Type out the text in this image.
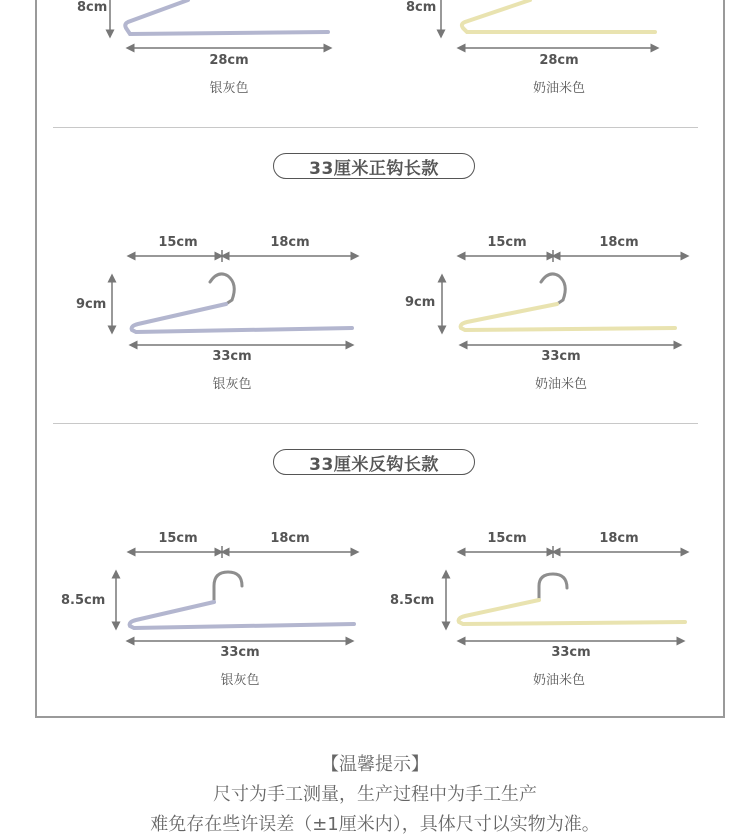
8cm
28cm
银灰色
8cm
28cm
奶油米色
33厘米正钩长款
15cm	18cm
9cm
33cm
银灰色
15cm	18cm
9cm
33cm
奶油米色
33厘米反钩长款
15cm	18cm
8.5cm
33cm
银灰色
15cm	18cm
8.5cm
33cm
奶油米色
【温馨提示】
尺寸为手工测量，生产过程中为手工生产
难免存在些许误差（±1厘米内），具体尺寸以实物为准。
